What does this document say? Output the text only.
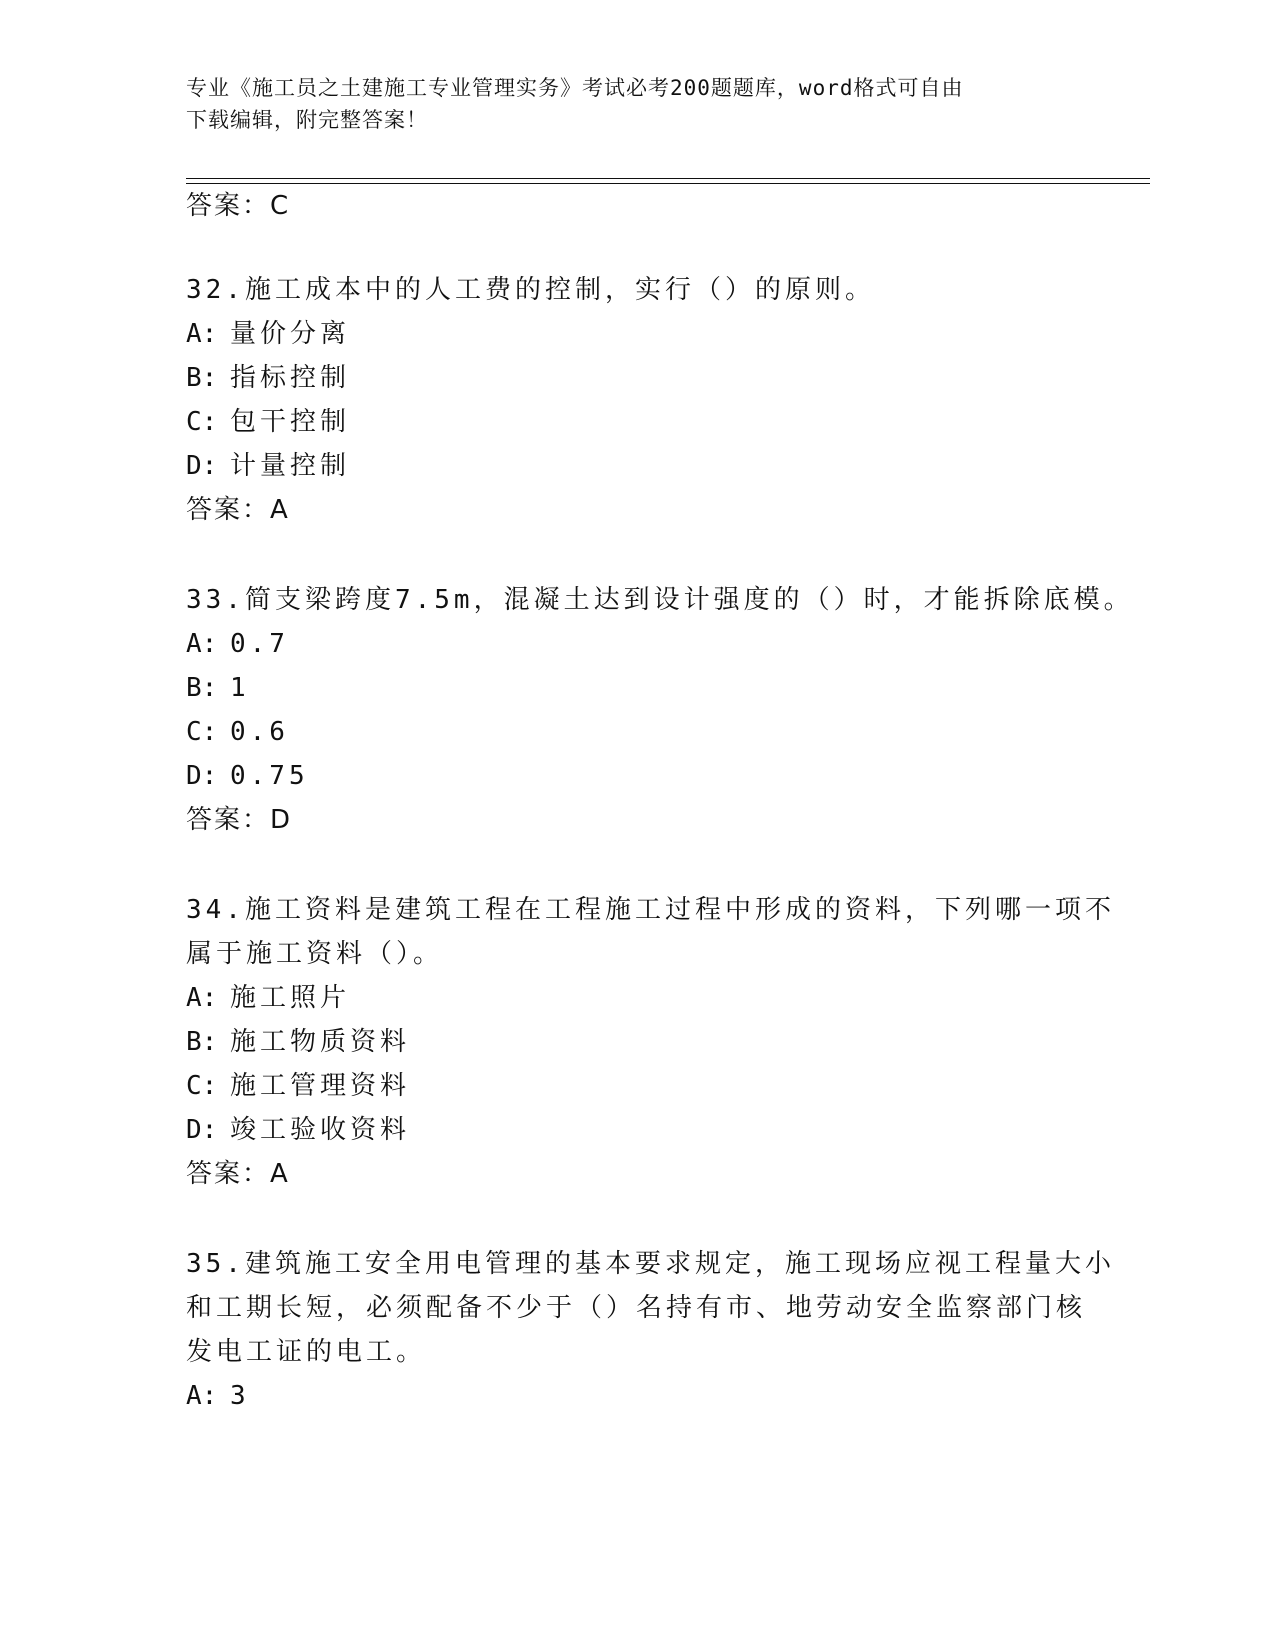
专业《施工员之土建施工专业管理实务》考试必考200题题库，word格式可自由
下载编辑，附完整答案！
答案：C
32.施工成本中的人工费的控制，实行（）的原则。
A: 量价分离
B: 指标控制
C: 包干控制
D: 计量控制
答案：A
33.简支梁跨度7.5m，混凝土达到设计强度的（）时，才能拆除底模。
A: 0.7
B: 1
C: 0.6
D: 0.75
答案：D
34.施工资料是建筑工程在工程施工过程中形成的资料，下列哪一项不
属于施工资料（）。
A: 施工照片
B: 施工物质资料
C: 施工管理资料
D: 竣工验收资料
答案：A
35.建筑施工安全用电管理的基本要求规定，施工现场应视工程量大小
和工期长短，必须配备不少于（）名持有市、地劳动安全监察部门核
发电工证的电工。
A: 3
